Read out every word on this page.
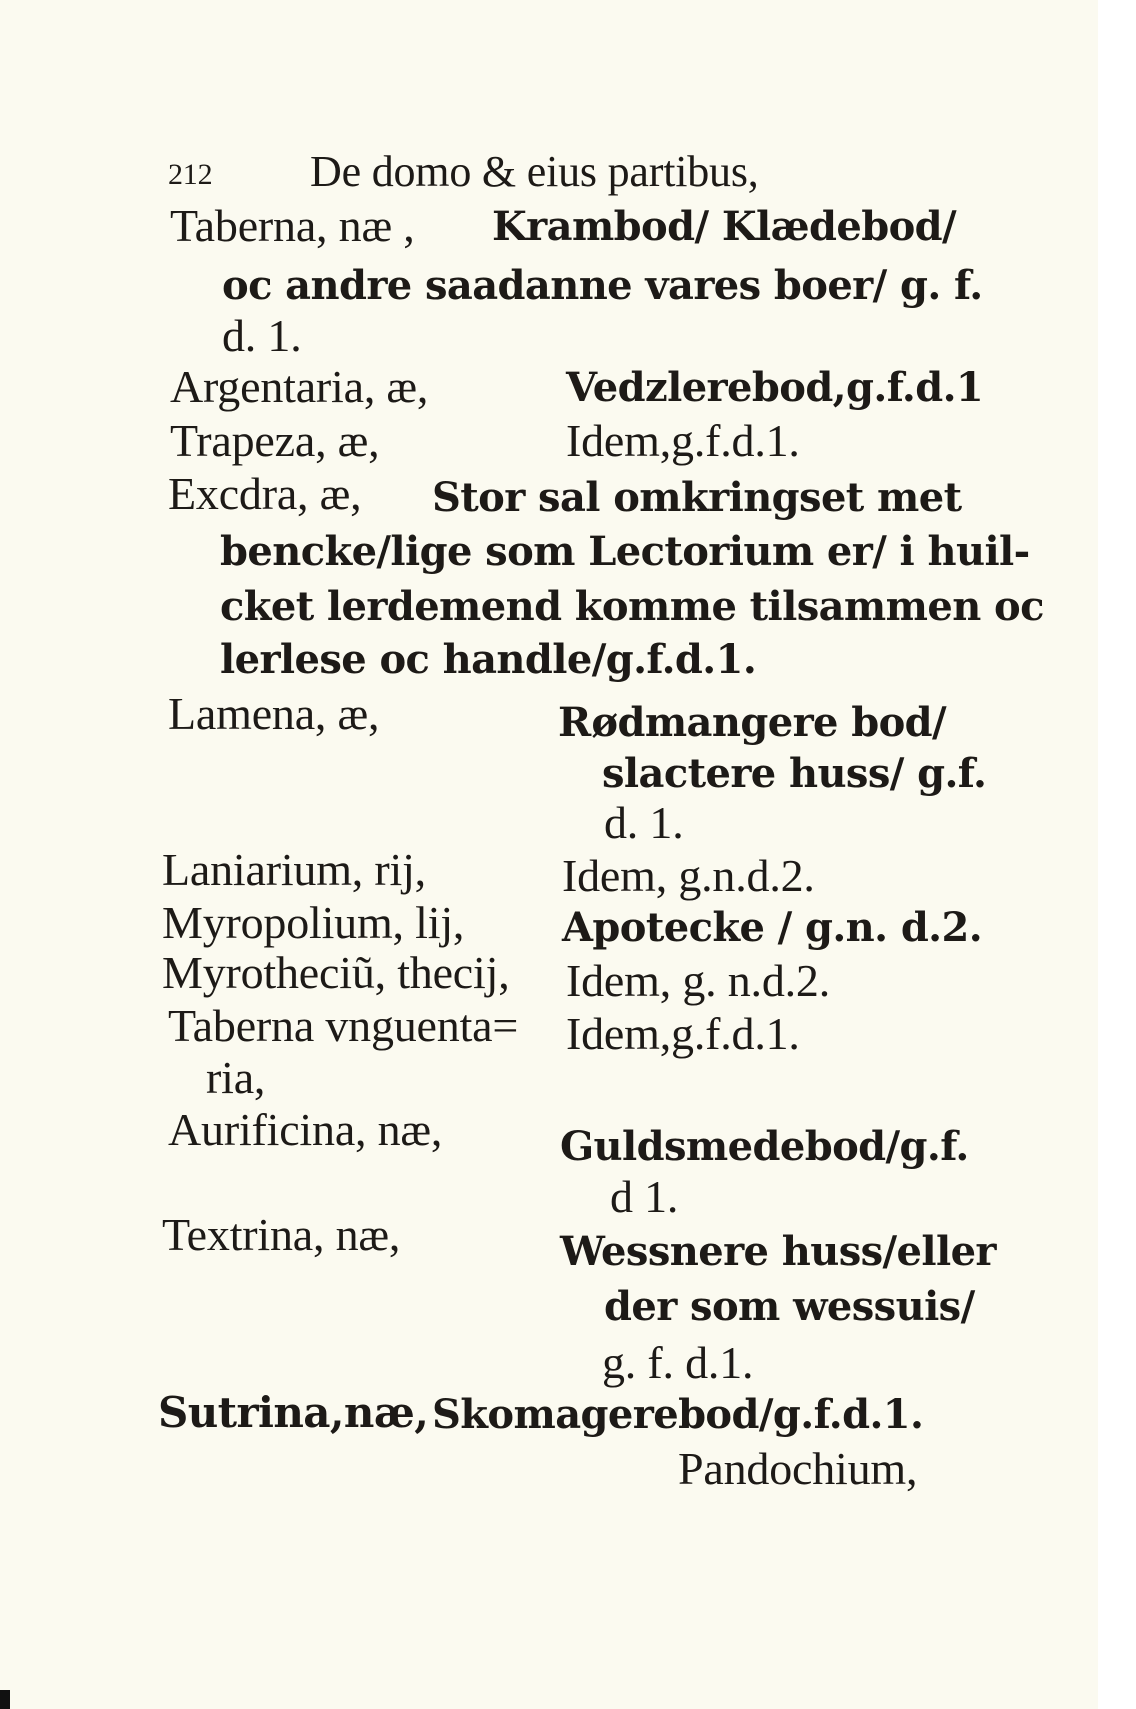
212 De domo & eius partibus,
Taberna, næ , Krambod/ Klædebod/
oc andre saadanne vares boer/ g. f.
d. 1.
Argentaria, æ,	Vedzlerebod,g.f.d.1
Trapeza, æ,	Idem,g.f.d.1.
Excdra, æ, Stor sal omkringset met
bencke/lige som Lectorium er/ i huil-
cket lerdemend komme tilsammen oc
lerlese oc handle/g.f.d.1.
Lamena, æ,	Rødmangere bod/
slactere huss/ g.f.
d. 1.
Laniarium, rij,	Idem, g.n.d.2.
Myropolium, lij, Apotecke / g.n. d.2.
Myrotheciũ, thecij, Idem, g. n.d.2.
Taberna vnguenta= Idem,g.f.d.1.
ria,
Aurificina, næ,	Guldsmedebod/g.f.
d 1.
Textrina, næ,	Wessnere huss/eller
der som wessuis/
g. f. d.1.
Sutrina,næ, Skomagerebod/g.f.d.1.
Pandochium,
